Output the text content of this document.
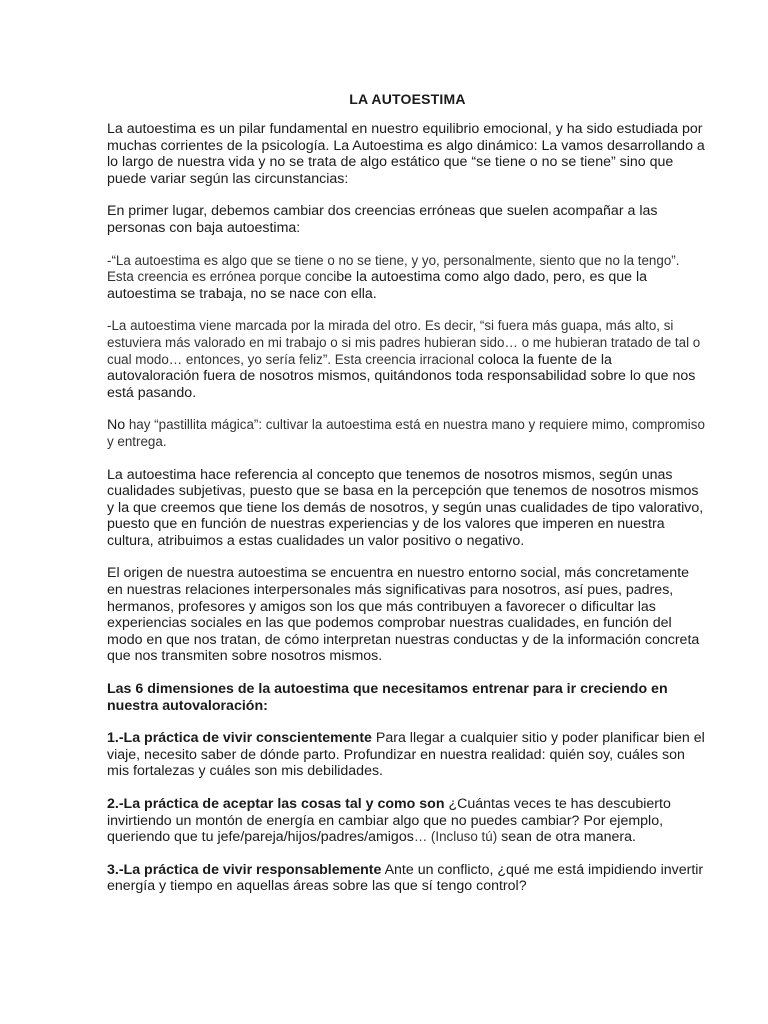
LA AUTOESTIMA

La autoestima es un pilar fundamental en nuestro equilibrio emocional, y ha sido estudiada por muchas corrientes de la psicología. La Autoestima es algo dinámico: La vamos desarrollando a lo largo de nuestra vida y no se trata de algo estático que “se tiene o no se tiene” sino que puede variar según las circunstancias:

En primer lugar, debemos cambiar dos creencias erróneas que suelen acompañar a las personas con baja autoestima:

-“La autoestima es algo que se tiene o no se tiene, y yo, personalmente, siento que no la tengo”. Esta creencia es errónea porque concibe la autoestima como algo dado, pero, es que la autoestima se trabaja, no se nace con ella.

-La autoestima viene marcada por la mirada del otro. Es decir, “si fuera más guapa, más alto, si estuviera más valorado en mi trabajo o si mis padres hubieran sido… o me hubieran tratado de tal o cual modo… entonces, yo sería feliz”. Esta creencia irracional coloca la fuente de la autovaloración fuera de nosotros mismos, quitándonos toda responsabilidad sobre lo que nos está pasando.

No hay “pastillita mágica”: cultivar la autoestima está en nuestra mano y requiere mimo, compromiso y entrega.

La autoestima hace referencia al concepto que tenemos de nosotros mismos, según unas cualidades subjetivas, puesto que se basa en la percepción que tenemos de nosotros mismos y la que creemos que tiene los demás de nosotros, y según unas cualidades de tipo valorativo, puesto que en función de nuestras experiencias y de los valores que imperen en nuestra cultura, atribuimos a estas cualidades un valor positivo o negativo.

El origen de nuestra autoestima se encuentra en nuestro entorno social, más concretamente en nuestras relaciones interpersonales más significativas para nosotros, así pues, padres, hermanos, profesores y amigos son los que más contribuyen a favorecer o dificultar las experiencias sociales en las que podemos comprobar nuestras cualidades, en función del modo en que nos tratan, de cómo interpretan nuestras conductas y de la información concreta que nos transmiten sobre nosotros mismos.

Las 6 dimensiones de la autoestima que necesitamos entrenar para ir creciendo en nuestra autovaloración:

1.-La práctica de vivir conscientemente Para llegar a cualquier sitio y poder planificar bien el viaje, necesito saber de dónde parto. Profundizar en nuestra realidad: quién soy, cuáles son mis fortalezas y cuáles son mis debilidades.

2.-La práctica de aceptar las cosas tal y como son ¿Cuántas veces te has descubierto invirtiendo un montón de energía en cambiar algo que no puedes cambiar? Por ejemplo, queriendo que tu jefe/pareja/hijos/padres/amigos… (Incluso tú) sean de otra manera.

3.-La práctica de vivir responsablemente Ante un conflicto, ¿qué me está impidiendo invertir energía y tiempo en aquellas áreas sobre las que sí tengo control?
